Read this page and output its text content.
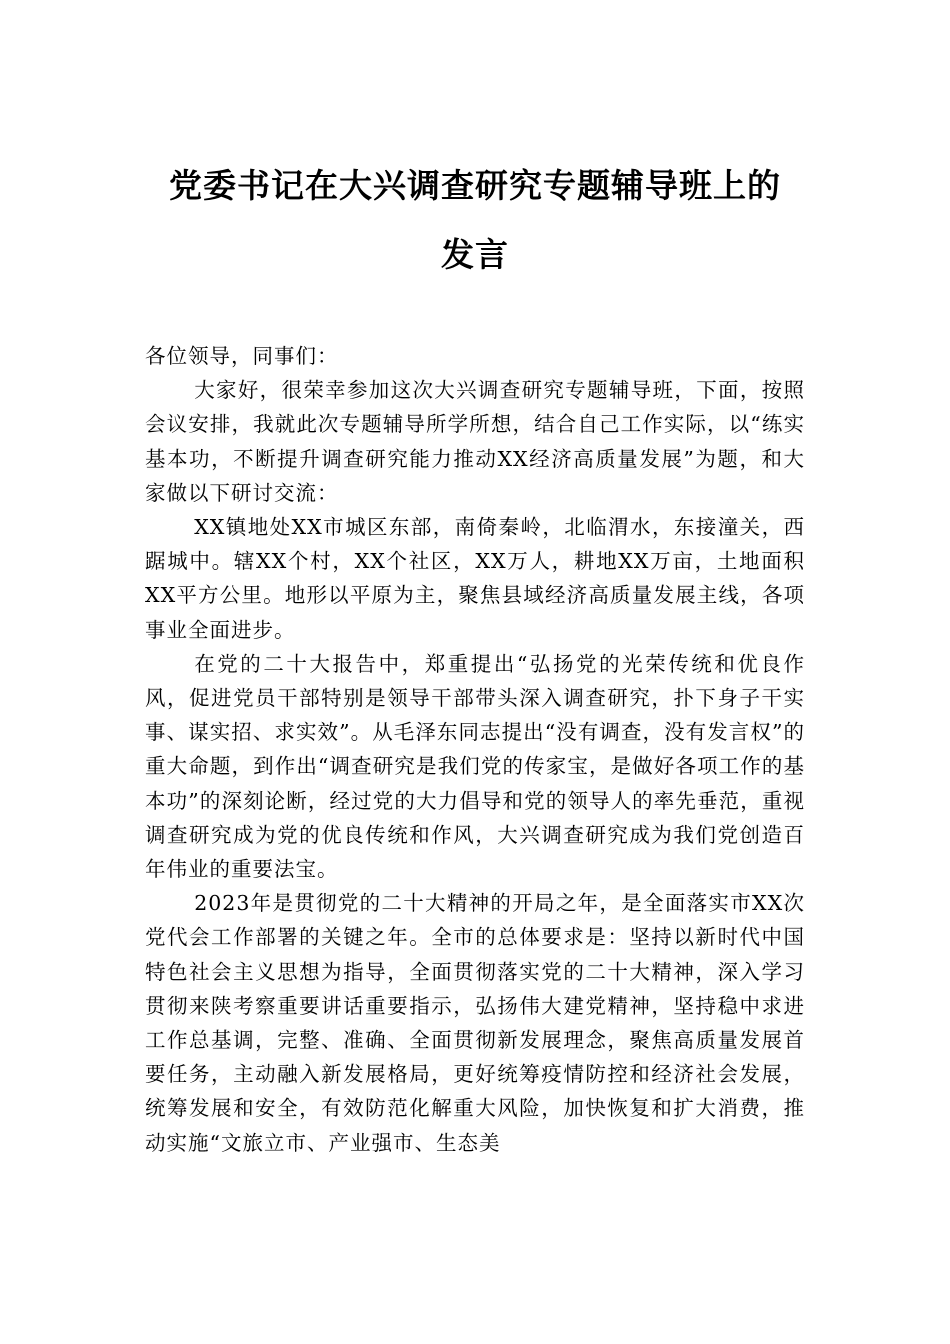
党委书记在大兴调查研究专题辅导班上的
发言

各位领导，同事们：

大家好，很荣幸参加这次大兴调查研究专题辅导班，下面，按照会议安排，我就此次专题辅导所学所想，结合自己工作实际，以“练实基本功，不断提升调查研究能力推动XX经济高质量发展”为题，和大家做以下研讨交流：

XX镇地处XX市城区东部，南倚秦岭，北临渭水，东接潼关，西踞城中。辖XX个村，XX个社区，XX万人，耕地XX万亩，土地面积XX平方公里。地形以平原为主，聚焦县域经济高质量发展主线，各项事业全面进步。

在党的二十大报告中，郑重提出“弘扬党的光荣传统和优良作风，促进党员干部特别是领导干部带头深入调查研究，扑下身子干实事、谋实招、求实效”。从毛泽东同志提出“没有调查，没有发言权”的重大命题，到作出“调查研究是我们党的传家宝，是做好各项工作的基本功”的深刻论断，经过党的大力倡导和党的领导人的率先垂范，重视调查研究成为党的优良传统和作风，大兴调查研究成为我们党创造百年伟业的重要法宝。

2023年是贯彻党的二十大精神的开局之年，是全面落实市XX次党代会工作部署的关键之年。全市的总体要求是：坚持以新时代中国特色社会主义思想为指导，全面贯彻落实党的二十大精神，深入学习贯彻来陕考察重要讲话重要指示，弘扬伟大建党精神，坚持稳中求进工作总基调，完整、准确、全面贯彻新发展理念，聚焦高质量发展首要任务，主动融入新发展格局，更好统筹疫情防控和经济社会发展，统筹发展和安全，有效防范化解重大风险，加快恢复和扩大消费，推动实施“文旅立市、产业强市、生态美
